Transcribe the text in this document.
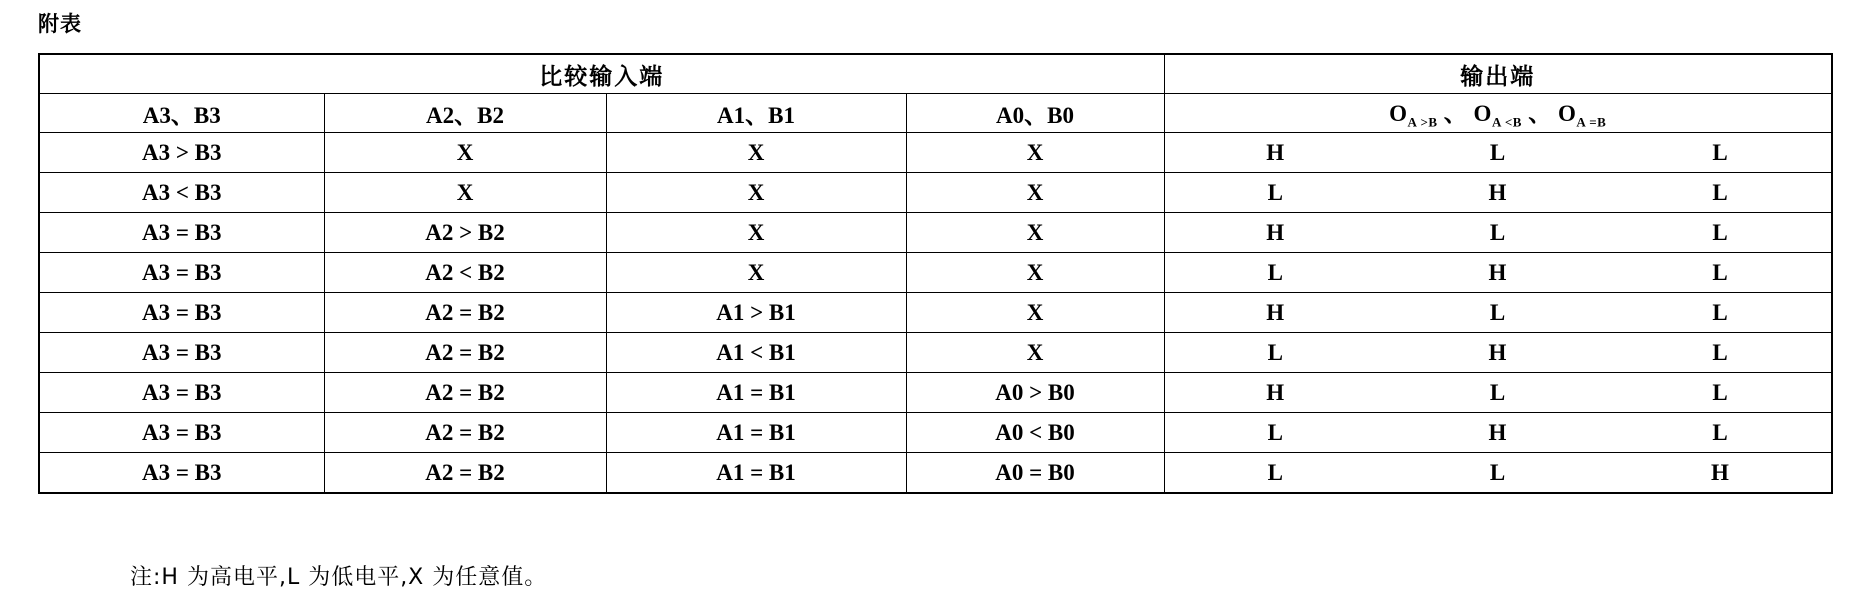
附表
比较输入端				输出端		
A3、B3	A2、B2	A1、B1	A0、B0	$O_{A >B}$ 、 $O_{A <B}$ 、 $O_{A =B}$
A3 > B3	X	X	X	H	L	L
A3 < B3	X	X	X	L	H	L
A3 = B3	A2 > B2	X	X	H	L	L
A3 = B3	A2 < B2	X	X	L	H	L
A3 = B3	A2 = B2	A1 > B1	X	H	L	L
A3 = B3	A2 = B2	A1 < B1	X	L	H	L
A3 = B3	A2 = B2	A1 = B1	A0 > B0	H	L	L
A3 = B3	A2 = B2	A1 = B1	A0 < B0	L	H	L
A3 = B3	A2 = B2	A1 = B1	A0 = B0	L	L	H
注:H 为高电平,L 为低电平,X 为任意值。
